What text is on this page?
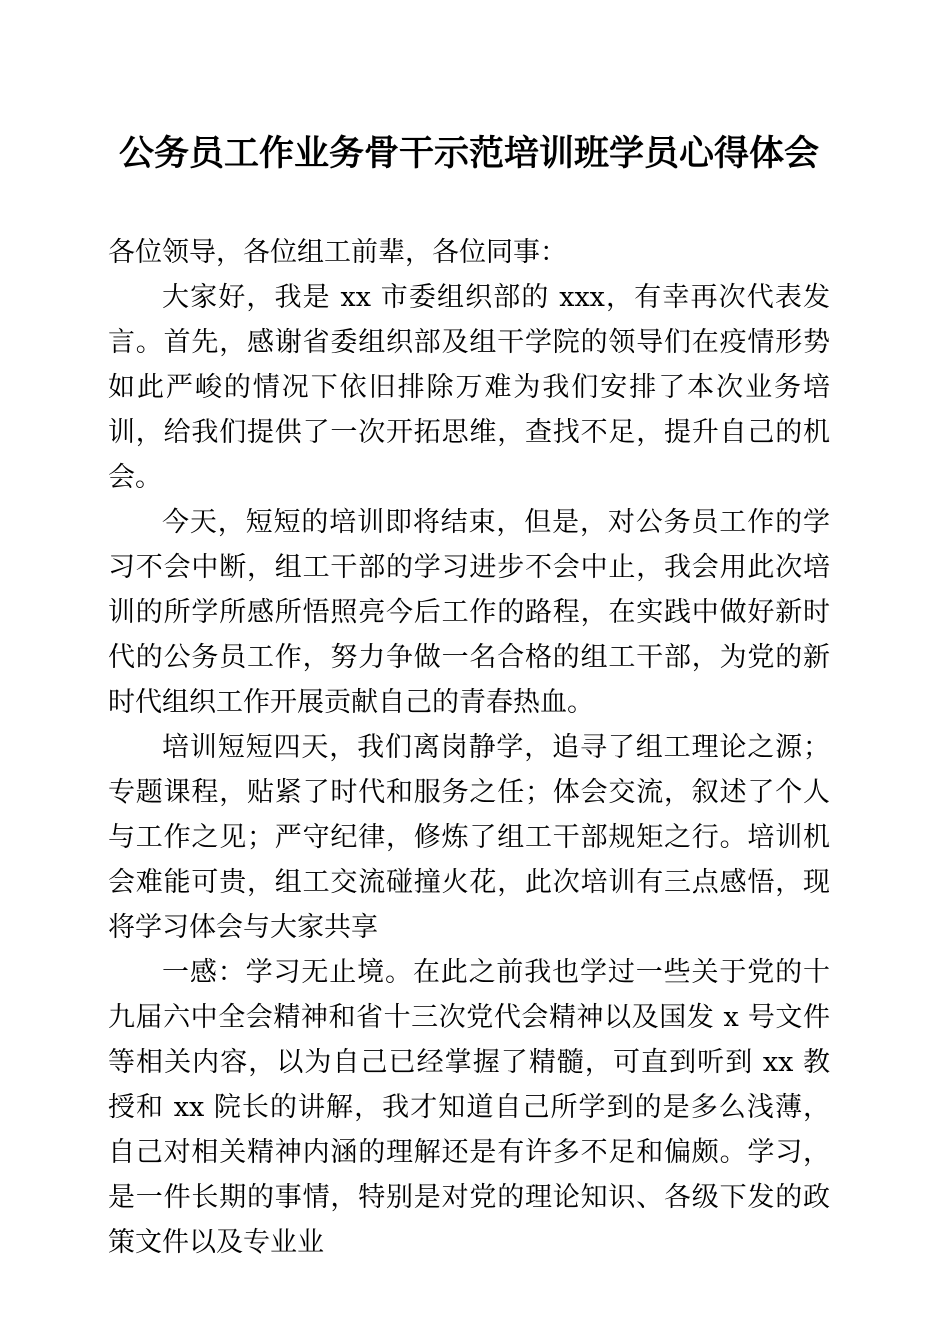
公务员工作业务骨干示范培训班学员心得体会

各位领导，各位组工前辈，各位同事：

大家好，我是 xx 市委组织部的 xxx，有幸再次代表发言。首先，感谢省委组织部及组干学院的领导们在疫情形势如此严峻的情况下依旧排除万难为我们安排了本次业务培训，给我们提供了一次开拓思维，查找不足，提升自己的机会。

今天，短短的培训即将结束，但是，对公务员工作的学习不会中断，组工干部的学习进步不会中止，我会用此次培训的所学所感所悟照亮今后工作的路程，在实践中做好新时代的公务员工作，努力争做一名合格的组工干部，为党的新时代组织工作开展贡献自己的青春热血。

培训短短四天，我们离岗静学，追寻了组工理论之源；专题课程，贴紧了时代和服务之任；体会交流，叙述了个人与工作之见；严守纪律，修炼了组工干部规矩之行。培训机会难能可贵，组工交流碰撞火花，此次培训有三点感悟，现将学习体会与大家共享

一感：学习无止境。在此之前我也学过一些关于党的十九届六中全会精神和省十三次党代会精神以及国发 x 号文件等相关内容，以为自己已经掌握了精髓，可直到听到 xx 教授和 xx 院长的讲解，我才知道自己所学到的是多么浅薄，自己对相关精神内涵的理解还是有许多不足和偏颇。学习，是一件长期的事情，特别是对党的理论知识、各级下发的政策文件以及专业业
